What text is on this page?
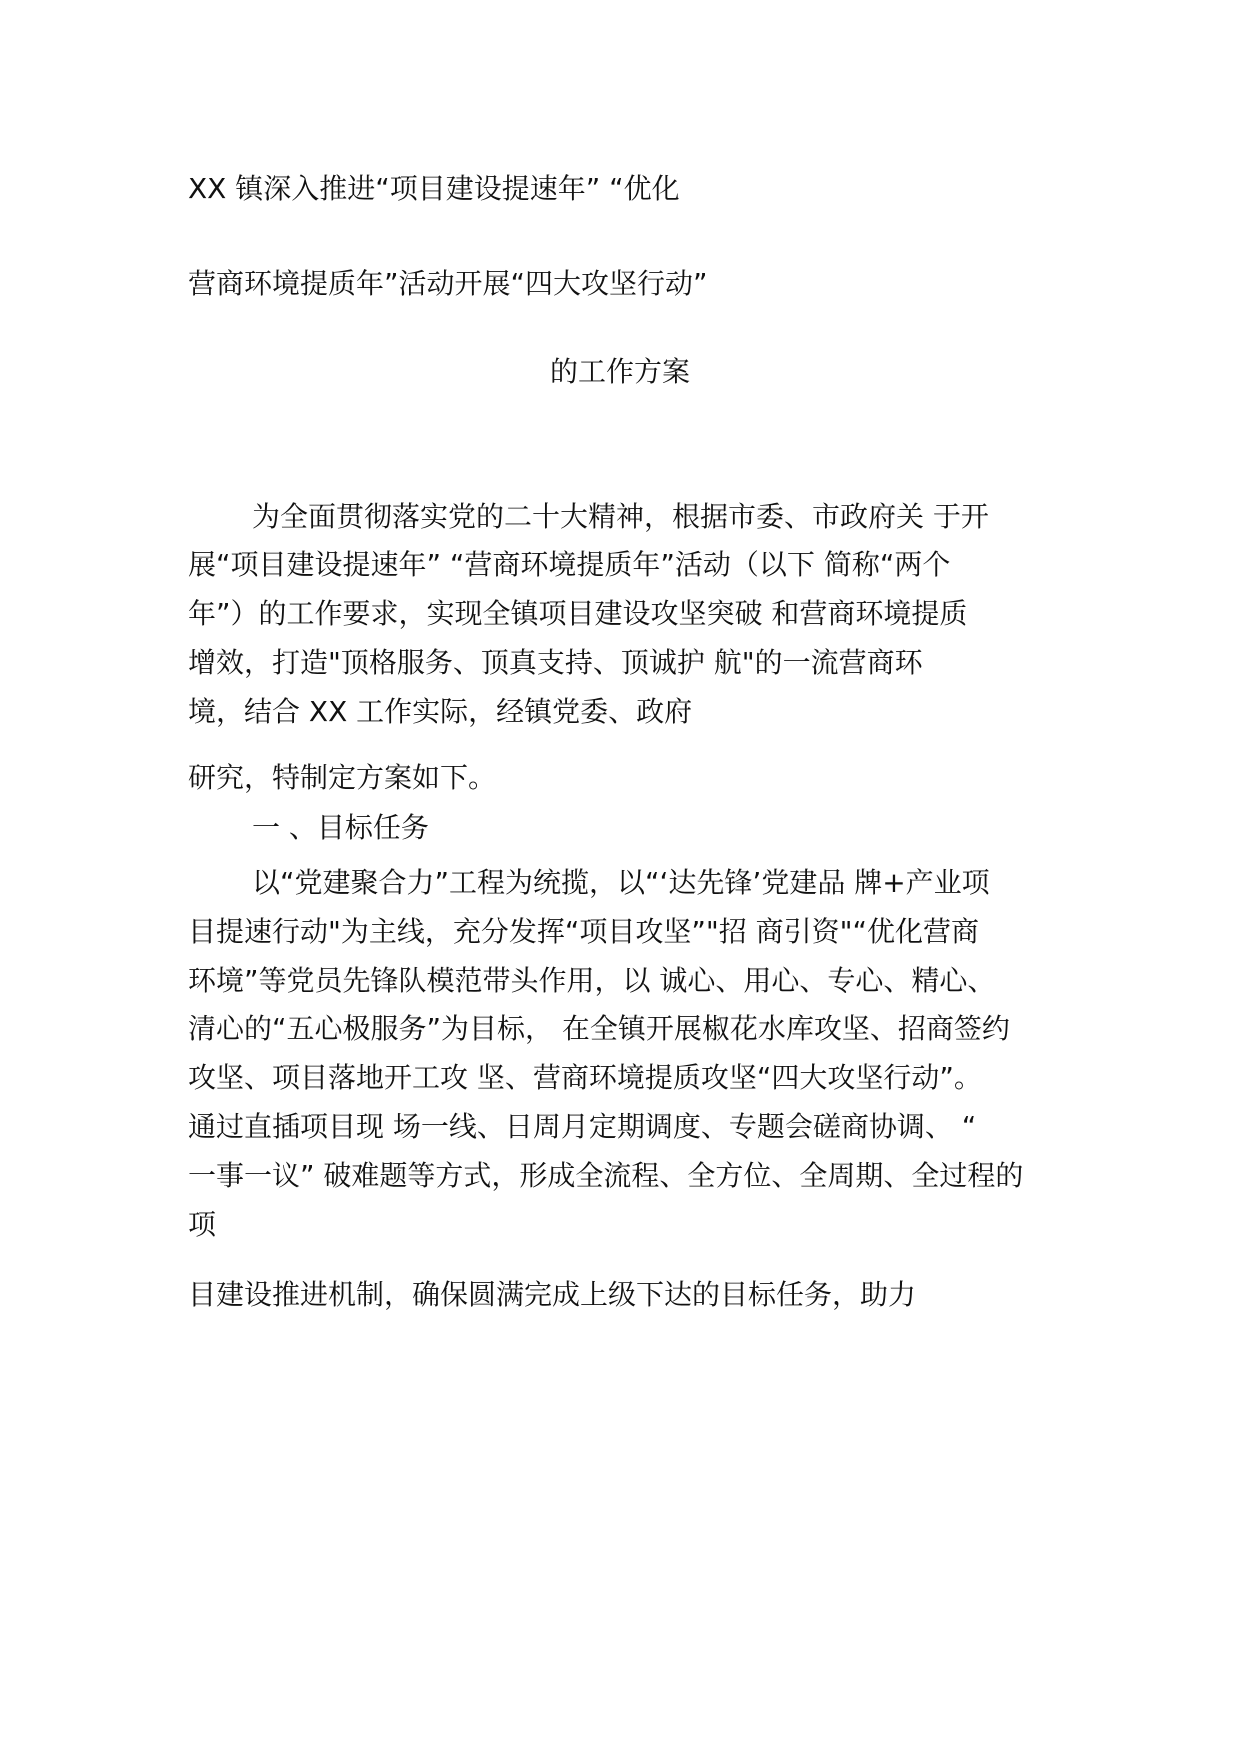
XX 镇深入推进“项目建设提速年” “优化
营商环境提质年”活动开展“四大攻坚行动”
的工作方案
为全面贯彻落实党的二十大精神，根据市委、市政府关 于开
展“项目建设提速年” “营商环境提质年”活动（以下 简称“两个
年”）的工作要求，实现全镇项目建设攻坚突破 和营商环境提质
增效，打造"顶格服务、顶真支持、顶诚护 航"的一流营商环
境，结合 XX 工作实际，经镇党委、政府
研究，特制定方案如下。
一 、目标任务
以“党建聚合力”工程为统揽，以“‘达先锋’党建品 牌+产业项
目提速行动"为主线，充分发挥“项目攻坚”"招 商引资"“优化营商
环境”等党员先锋队模范带头作用，以 诚心、用心、专心、精心、
清心的“五心极服务”为目标， 在全镇开展椒花水库攻坚、招商签约
攻坚、项目落地开工攻 坚、营商环境提质攻坚“四大攻坚行动”。
通过直插项目现 场一线、日周月定期调度、专题会磋商协调、 “
一事一议” 破难题等方式，形成全流程、全方位、全周期、全过程的
项
目建设推进机制，确保圆满完成上级下达的目标任务，助力
